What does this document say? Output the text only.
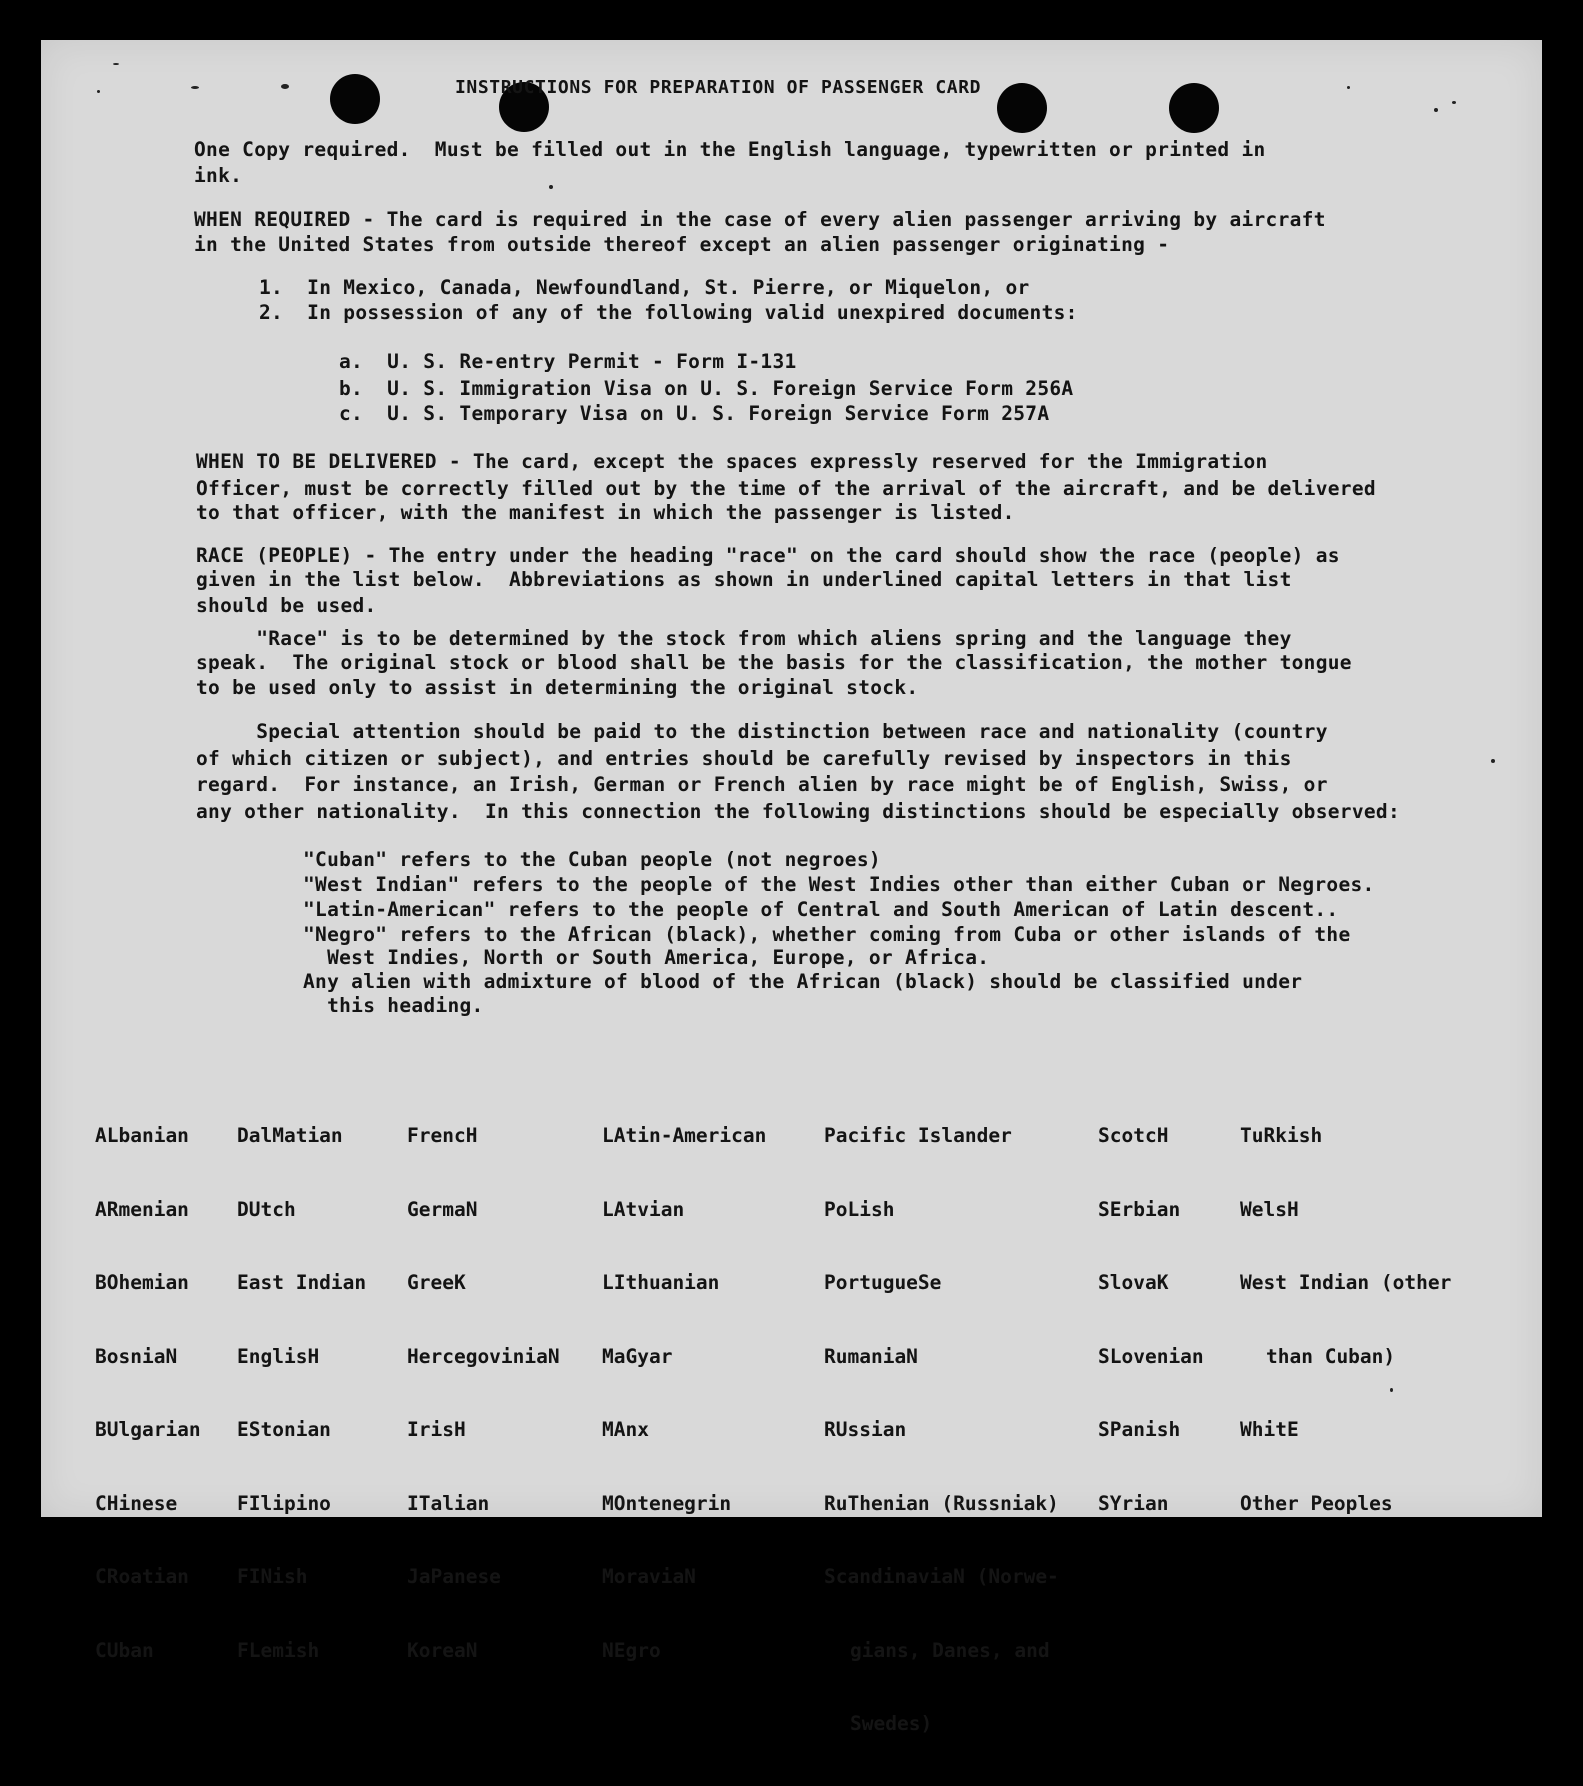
INSTRUCTIONS FOR PREPARATION OF PASSENGER CARD
One Copy required.  Must be filled out in the English language, typewritten or printed in
ink.
WHEN REQUIRED - The card is required in the case of every alien passenger arriving by aircraft
in the United States from outside thereof except an alien passenger originating -
1.  In Mexico, Canada, Newfoundland, St. Pierre, or Miquelon, or
2.  In possession of any of the following valid unexpired documents:
a.  U. S. Re-entry Permit - Form I-131
b.  U. S. Immigration Visa on U. S. Foreign Service Form 256A
c.  U. S. Temporary Visa on U. S. Foreign Service Form 257A
WHEN TO BE DELIVERED - The card, except the spaces expressly reserved for the Immigration
Officer, must be correctly filled out by the time of the arrival of the aircraft, and be delivered
to that officer, with the manifest in which the passenger is listed.
RACE (PEOPLE) - The entry under the heading "race" on the card should show the race (people) as
given in the list below.  Abbreviations as shown in underlined capital letters in that list
should be used.
"Race" is to be determined by the stock from which aliens spring and the language they
speak.  The original stock or blood shall be the basis for the classification, the mother tongue
to be used only to assist in determining the original stock.
Special attention should be paid to the distinction between race and nationality (country
of which citizen or subject), and entries should be carefully revised by inspectors in this
regard.  For instance, an Irish, German or French alien by race might be of English, Swiss, or
any other nationality.  In this connection the following distinctions should be especially observed:
"Cuban" refers to the Cuban people (not negroes)
"West Indian" refers to the people of the West Indies other than either Cuban or Negroes.
"Latin-American" refers to the people of Central and South American of Latin descent..
"Negro" refers to the African (black), whether coming from Cuba or other islands of the
West Indies, North or South America, Europe, or Africa.
Any alien with admixture of blood of the African (black) should be classified under
this heading.

ALbanian

ARmenian

BOhemian

BosniaN

BUlgarian

CHinese

CRoatian

CUban

DalMatian

DUtch

East Indian

EnglisH

EStonian

FIlipino

FINish

FLemish

FrencH

GermaN

GreeK

HercegoviniaN

IrisH

ITalian

JaPanese

KoreaN

LAtin-American

LAtvian

LIthuanian

MaGyar

MAnx

MOntenegrin

MoraviaN

NEgro

Pacific Islander

PoLish

PortugueSe

RumaniaN

RUssian

RuThenian (Russniak)

ScandinaviaN (Norwe-

gians, Danes, and

Swedes)

ScotcH

SErbian

SlovaK

SLovenian

SPanish

SYrian

TuRkish

WelsH

West Indian (other

than Cuban)

WhitE

Other Peoples
